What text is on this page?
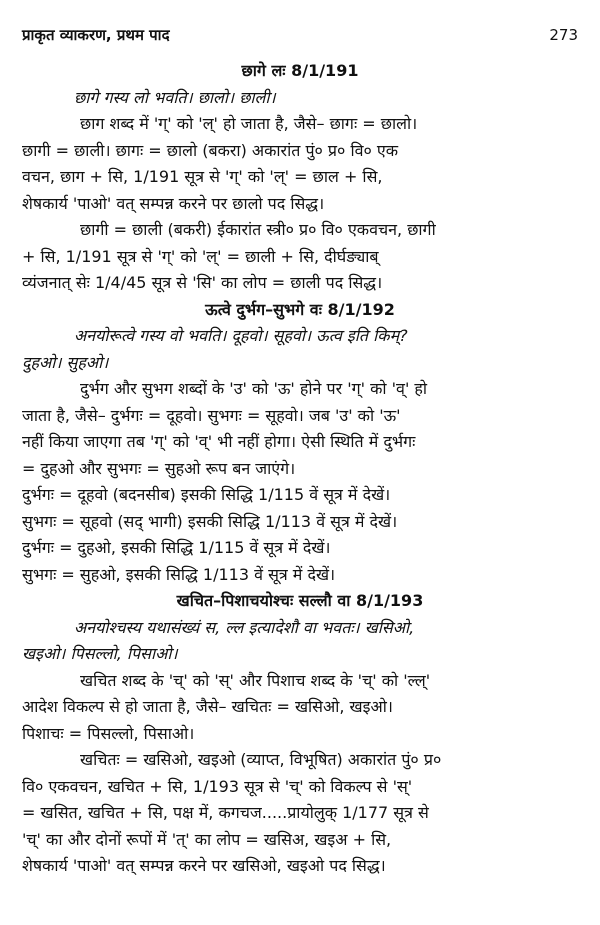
प्राकृत व्याकरण, प्रथम पाद	273
छागे लः 8/1/191
छागे गस्य लो भवति। छालो। छाली।
छाग शब्द में 'ग्' को 'ल्' हो जाता है, जैसे– छागः = छालो।
छागी = छाली। छागः = छालो (बकरा) अकारांत पुं० प्र० वि० एक
वचन, छाग + सि, 1/191 सूत्र से 'ग्' को 'ल्' = छाल + सि,
शेषकार्य 'पाओ' वत् सम्पन्न करने पर छालो पद सिद्ध।
छागी = छाली (बकरी) ईकारांत स्त्री० प्र० वि० एकवचन, छागी
+ सि, 1/191 सूत्र से 'ग्' को 'ल्' = छाली + सि, दीर्घङ्याब्
व्यंजनात् सेः 1/4/45 सूत्र से 'सि' का लोप = छाली पद सिद्ध।
ऊत्वे दुर्भग–सुभगे वः 8/1/192
अनयोरूत्वे गस्य वो भवति। दूहवो। सूहवो। ऊत्व इति किम्?
दुहओ। सुहओ।
दुर्भग और सुभग शब्दों के 'उ' को 'ऊ' होने पर 'ग्' को 'व्' हो
जाता है, जैसे– दुर्भगः = दूहवो। सुभगः = सूहवो। जब 'उ' को 'ऊ'
नहीं किया जाएगा तब 'ग्' को 'व्' भी नहीं होगा। ऐसी स्थिति में दुर्भगः
= दुहओ और सुभगः = सुहओ रूप बन जाएंगे।
दुर्भगः = दूहवो (बदनसीब) इसकी सिद्धि 1/115 वें सूत्र में देखें।
सुभगः = सूहवो (सद् भागी) इसकी सिद्धि 1/113 वें सूत्र में देखें।
दुर्भगः = दुहओ, इसकी सिद्धि 1/115 वें सूत्र में देखें।
सुभगः = सुहओ, इसकी सिद्धि 1/113 वें सूत्र में देखें।
खचित–पिशाचयोश्चः सल्लौ वा 8/1/193
अनयोश्चस्य यथासंख्यं स, ल्ल इत्यादेशौ वा भवतः। खसिओ,
खइओ। पिसल्लो, पिसाओ।
खचित शब्द के 'च्' को 'स्' और पिशाच शब्द के 'च्' को 'ल्ल्'
आदेश विकल्प से हो जाता है, जैसे– खचितः = खसिओ, खइओ।
पिशाचः = पिसल्लो, पिसाओ।
खचितः = खसिओ, खइओ (व्याप्त, विभूषित) अकारांत पुं० प्र०
वि० एकवचन, खचित + सि, 1/193 सूत्र से 'च्' को विकल्प से 'स्'
= खसित, खचित + सि, पक्ष में, कगचज.....प्रायोलुक् 1/177 सूत्र से
'च्' का और दोनों रूपों में 'त्' का लोप = खसिअ, खइअ + सि,
शेषकार्य 'पाओ' वत् सम्पन्न करने पर खसिओ, खइओ पद सिद्ध।
